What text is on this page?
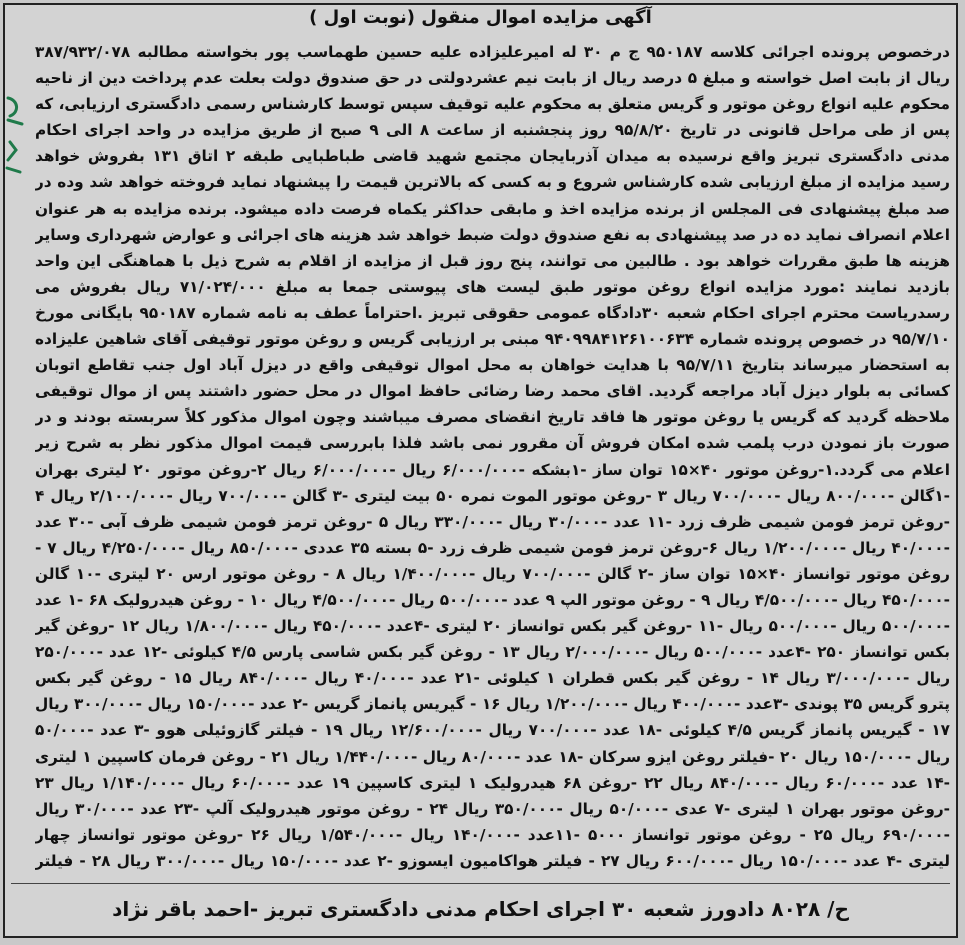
آگهی مزایده اموال منقول (نوبت اول )

درخصوص پرونده اجرائی کلاسه ۹۵۰۱۸۷ ج م ۳۰ له امیرعلیزاده علیه حسین طهماسب پور بخواسته مطالبه ۳۸۷/۹۳۲/۰۷۸ ریال از بابت اصل خواسته و مبلغ ۵ درصد ریال از بابت نیم عشردولتی در حق صندوق دولت بعلت عدم پرداخت دین از ناحیه محکوم علیه انواع روغن موتور و گریس متعلق به محکوم علیه توقیف سپس توسط کارشناس رسمی دادگستری ارزیابی، که پس از طی مراحل قانونی در تاریخ ۹۵/۸/۲۰ روز پنجشنبه از ساعت ۸ الی ۹ صبح از طریق مزایده در واحد اجرای احکام مدنی دادگستری تبریز واقع نرسیده به میدان آذربایجان مجتمع شهید قاضی طباطبایی طبقه ۲ اتاق ۱۳۱ بفروش خواهد رسید مزایده از مبلغ ارزیابی شده کارشناس شروع و به کسی که بالاترین قیمت را پیشنهاد نماید فروخته خواهد شد وده در صد مبلغ پیشنهادی فی المجلس از برنده مزایده اخذ و مابقی حداکثر یکماه فرصت داده میشود. برنده مزایده به هر عنوان اعلام انصراف نماید ده در صد پیشنهادی به نفع صندوق دولت ضبط خواهد شد هزینه های اجرائی و عوارض شهرداری وسایر هزینه ها طبق مقررات خواهد بود . طالبین می توانند، پنج روز قبل از مزایده از اقلام به شرح ذیل با هماهنگی این واحد بازدید نمایند :مورد مزایده انواع روغن موتور طبق لیست های پیوستی جمعا به مبلغ ۷۱/۰۲۴/۰۰۰ ریال بفروش می رسدریاست محترم اجرای احکام شعبه ۳۰دادگاه عمومی حقوقی تبریز .احتراماً عطف به نامه شماره ۹۵۰۱۸۷ بایگانی مورخ ۹۵/۷/۱۰ در خصوص پرونده شماره ۹۴۰۹۹۸۴۱۲۶۱۰۰۶۳۴ مبنی بر ارزیابی گریس و روغن موتور توقیفی آقای شاهین علیزاده به استحضار میرساند بتاریخ ۹۵/۷/۱۱ با هدایت خواهان به محل اموال توقیفی واقع در دیزل آباد اول جنب تقاطع اتوبان کسائی به بلوار دیزل آباد مراجعه گردید. اقای محمد رضا رضائی حافظ اموال در محل حضور داشتند پس از موال توقیفی ملاحظه گردید که گریس یا روغن موتور ها فاقد تاریخ انقضای مصرف میباشند وچون اموال مذکور کلاً سربسته بودند و در صورت باز نمودن درب پلمب شده امکان فروش آن مقرور نمی باشد فلذا بابررسی قیمت اموال مذکور نظر به شرح زیر اعلام می گردد.۱-روغن موتور ۴۰×۱۵ توان ساز -۱بشکه -۶/۰۰۰/۰۰۰ ریال -۶/۰۰۰/۰۰۰ ریال ۲-روغن موتور ۲۰ لیتری بهران -۱گالن -۸۰۰/۰۰۰ ریال -۷۰۰/۰۰۰ ریال ۳ -روغن موتور الموت نمره ۵۰ بیت لیتری -۳ گالن -۷۰۰/۰۰۰ ریال -۲/۱۰۰/۰۰۰ ریال ۴ -روغن ترمز فومن شیمی ظرف زرد -۱۱ عدد -۳۰/۰۰۰ ریال -۳۳۰/۰۰۰ ریال ۵ -روغن ترمز فومن شیمی ظرف آبی -۳۰ عدد -۴۰/۰۰۰ ریال -۱/۲۰۰/۰۰۰ ریال ۶-روغن ترمز فومن شیمی ظرف زرد -۵ بسته ۳۵ عددی -۸۵۰/۰۰۰ ریال -۴/۲۵۰/۰۰۰ ریال ۷ - روغن موتور توانساز ۴۰×۱۵ توان ساز -۲ گالن -۷۰۰/۰۰۰ ریال -۱/۴۰۰/۰۰۰ ریال ۸ - روغن موتور ارس ۲۰ لیتری -۱۰ گالن -۴۵۰/۰۰۰ ریال -۴/۵۰۰/۰۰۰ ریال ۹ - روغن موتور الپ ۹ عدد -۵۰۰/۰۰۰ ریال -۴/۵۰۰/۰۰۰ ریال ۱۰ - روغن هیدرولیک ۶۸ -۱ عدد -۵۰۰/۰۰۰ ریال -۵۰۰/۰۰۰ ریال -۱۱ -روغن گیر بکس توانساز ۲۰ لیتری -۴عدد -۴۵۰/۰۰۰ ریال -۱/۸۰۰/۰۰۰ ریال ۱۲ -روغن گیر بکس توانساز ۲۵۰ -۴عدد -۵۰۰/۰۰۰ ریال -۲/۰۰۰/۰۰۰ ریال ۱۳ - روغن گیر بکس شاسی پارس ۴/۵ کیلوئی -۱۲ عدد -۲۵۰/۰۰۰ ریال -۳/۰۰۰/۰۰۰ ریال ۱۴ - روغن گیر بکس قطران ۱ کیلوئی -۲۱ عدد -۴۰/۰۰۰ ریال -۸۴۰/۰۰۰ ریال ۱۵ - روغن گیر بکس پترو گریس ۳۵ پوندی -۳عدد -۴۰۰/۰۰۰ ریال -۱/۲۰۰/۰۰۰ ریال ۱۶ - گیریس پانماز گریس -۲ عدد -۱۵۰/۰۰۰ ریال -۳۰۰/۰۰۰ ریال ۱۷ - گیریس پانماز گریس ۴/۵ کیلوئی -۱۸ عدد -۷۰۰/۰۰۰ ریال -۱۲/۶۰۰/۰۰۰ ریال ۱۹ - فیلتر گازوئیلی هوو -۳ عدد -۵۰/۰۰۰ ریال -۱۵۰/۰۰۰ ریال ۲۰ -فیلتر روغن ایزو سرکان -۱۸ عدد -۸۰/۰۰۰ ریال -۱/۴۴۰/۰۰۰ ریال ۲۱ - روغن فرمان کاسپین ۱ لیتری -۱۴ عدد -۶۰/۰۰۰ ریال -۸۴۰/۰۰۰ ریال ۲۲ -روغن ۶۸ هیدرولیک ۱ لیتری کاسپین ۱۹ عدد -۶۰/۰۰۰ ریال -۱/۱۴۰/۰۰۰ ریال ۲۳ -روغن موتور بهران ۱ لیتری -۷ عدی -۵۰/۰۰۰ ریال -۳۵۰/۰۰۰ ریال ۲۴ - روغن موتور هیدرولیک آلپ -۲۳ عدد -۳۰/۰۰۰ ریال -۶۹۰/۰۰۰ ریال ۲۵ - روغن موتور توانساز ۵۰۰۰ -۱۱عدد -۱۴۰/۰۰۰ ریال -۱/۵۴۰/۰۰۰ ریال ۲۶ -روغن موتور توانساز چهار لیتری -۴ عدد -۱۵۰/۰۰۰ ریال -۶۰۰/۰۰۰ ریال ۲۷ - فیلتر هواکامیون ایسوزو -۲ عدد -۱۵۰/۰۰۰ ریال -۳۰۰/۰۰۰ ریال ۲۸ - فیلتر

ح/ ۸۰۲۸ دادورز شعبه ۳۰ اجرای احکام مدنی دادگستری تبریز -احمد باقر نژاد
